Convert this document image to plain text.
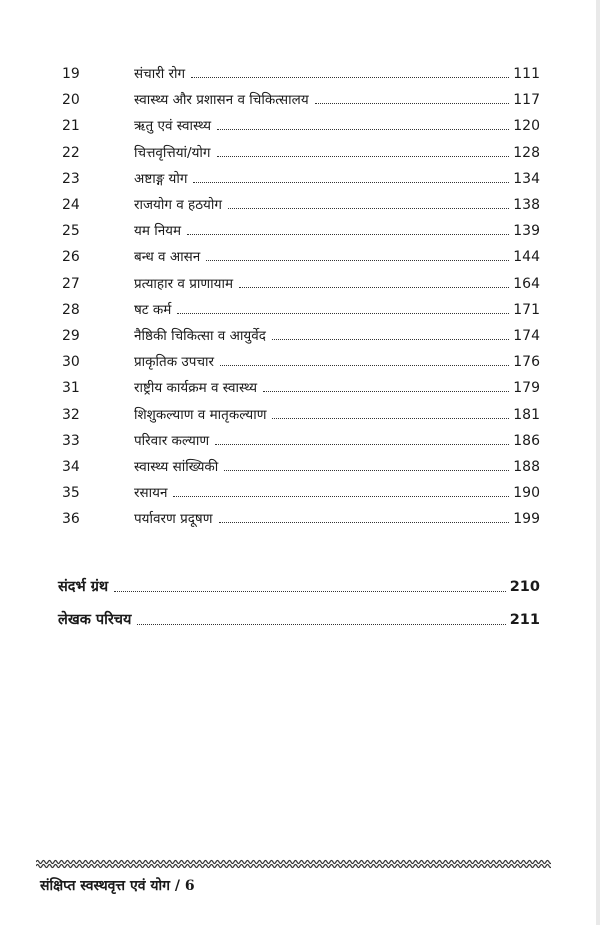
19	संचारी रोग	111
20	स्वास्थ्य और प्रशासन व चिकित्सालय	117
21	ऋतु एवं स्वास्थ्य	120
22	चित्तवृत्तियां/योग	128
23	अष्टाङ्ग योग	134
24	राजयोग व हठयोग	138
25	यम नियम	139
26	बन्ध व आसन	144
27	प्रत्याहार व प्राणायाम	164
28	षट कर्म	171
29	नैष्ठिकी चिकित्सा व आयुर्वेद	174
30	प्राकृतिक उपचार	176
31	राष्ट्रीय कार्यक्रम व स्वास्थ्य	179
32	शिशुकल्याण व मातृकल्याण	181
33	परिवार कल्याण	186
34	स्वास्थ्य सांख्यिकी	188
35	रसायन	190
36	पर्यावरण प्रदूषण	199
संदर्भ ग्रंथ	210
लेखक परिचय	211
संक्षिप्त स्वस्थवृत्त एवं योग / 6
